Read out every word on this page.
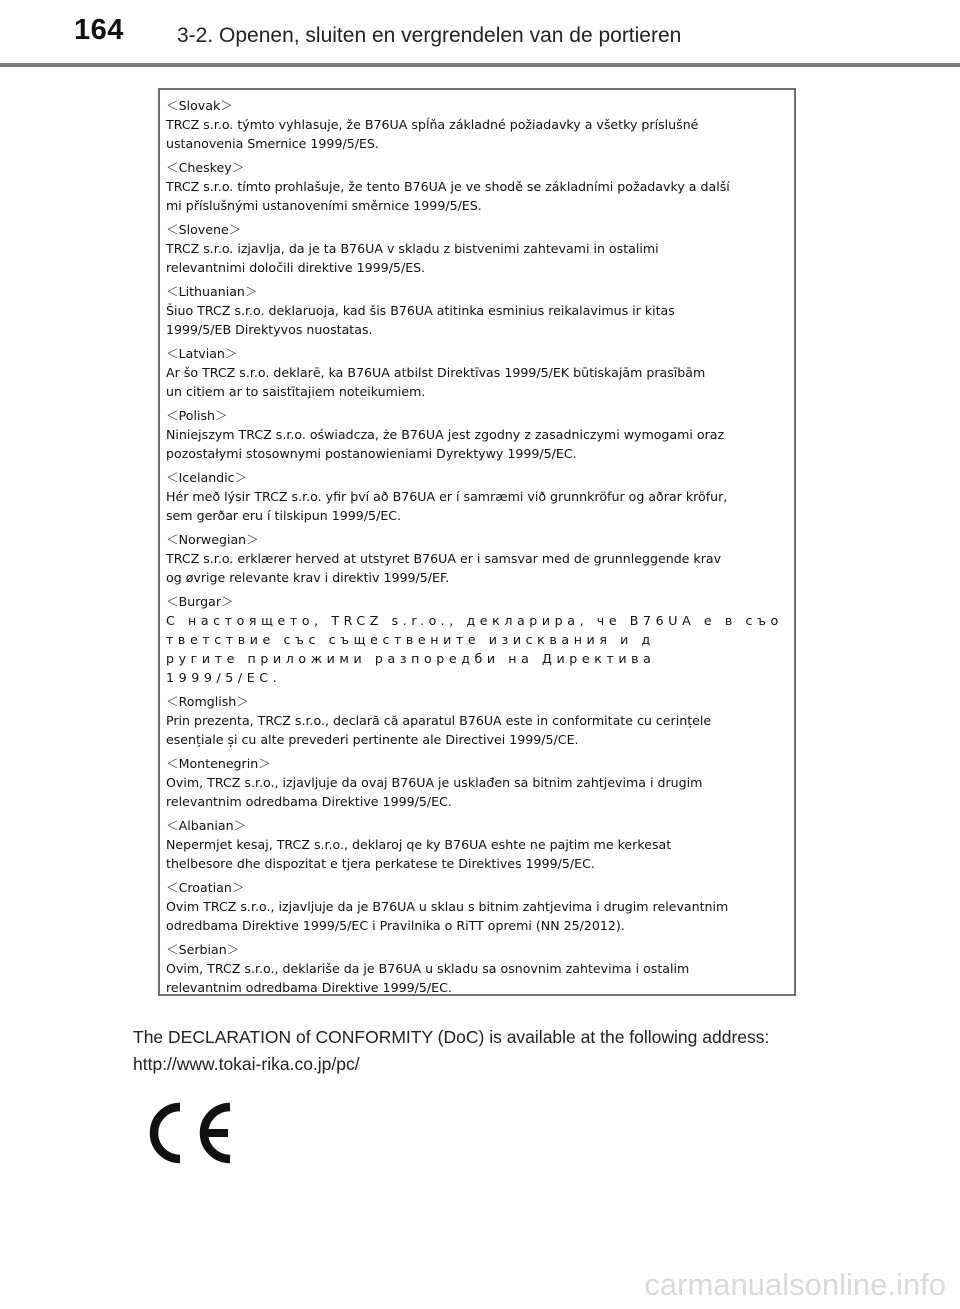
164	3-2. Openen, sluiten en vergrendelen van de portieren
＜Slovak＞
TRCZ s.r.o. týmto vyhlasuje, že B76UA spĺňa základné požiadavky a všetky príslušné
ustanovenia Smernice 1999/5/ES.
＜Cheskey＞
TRCZ s.r.o. tímto prohlašuje, že tento B76UA je ve shodě se základními požadavky a další
mi příslušnými ustanoveními směrnice 1999/5/ES.
＜Slovene＞
TRCZ s.r.o. izjavlja, da je ta B76UA v skladu z bistvenimi zahtevami in ostalimi
relevantnimi določili direktive 1999/5/ES.
＜Lithuanian＞
Šiuo TRCZ s.r.o. deklaruoja, kad šis B76UA atitinka esminius reikalavimus ir kitas
1999/5/EB Direktyvos nuostatas.
＜Latvian＞
Ar šo TRCZ s.r.o. deklarē, ka B76UA atbilst Direktīvas 1999/5/EK būtiskajām prasībām
un citiem ar to saistītajiem noteikumiem.
＜Polish＞
Niniejszym TRCZ s.r.o. oświadcza, że B76UA jest zgodny z zasadniczymi wymogami oraz
pozostałymi stosownymi postanowieniami Dyrektywy 1999/5/EC.
＜Icelandic＞
Hér með lýsir TRCZ s.r.o. yfir því að B76UA er í samræmi við grunnkröfur og aðrar kröfur,
sem gerðar eru í tilskipun 1999/5/EC.
＜Norwegian＞
TRCZ s.r.o. erklærer herved at utstyret B76UA er i samsvar med de grunnleggende krav
og øvrige relevante krav i direktiv 1999/5/EF.
＜Burgar＞
С настоящето, TRCZ s.r.o., декларира, че B76UA е в съо
тветствие със съществените изисквания и д
ругите приложими разпоредби на Директива
1999/5/ЕС.
＜Romglish＞
Prin prezenta, TRCZ s.r.o., declară că aparatul B76UA este in conformitate cu cerințele
esențiale și cu alte prevederi pertinente ale Directivei 1999/5/CE.
＜Montenegrin＞
Ovim, TRCZ s.r.o., izjavljuje da ovaj B76UA je usklađen sa bitnim zahtjevima i drugim
relevantnim odredbama Direktive 1999/5/EC.
＜Albanian＞
Nepermjet kesaj, TRCZ s.r.o., deklaroj qe ky B76UA eshte ne pajtim me kerkesat
thelbesore dhe dispozitat e tjera perkatese te Direktives 1999/5/EC.
＜Croatian＞
Ovim TRCZ s.r.o., izjavljuje da je B76UA u sklau s bitnim zahtjevima i drugim relevantnim
odredbama Direktive 1999/5/EC i Pravilnika o RiTT opremi (NN 25/2012).
＜Serbian＞
Ovim, TRCZ s.r.o., deklariše da je B76UA u skladu sa osnovnim zahtevima i ostalim
relevantnim odredbama Direktive 1999/5/EC.
The DECLARATION of CONFORMITY (DoC) is available at the following address:
http://www.tokai-rika.co.jp/pc/
carmanualsonline.info
